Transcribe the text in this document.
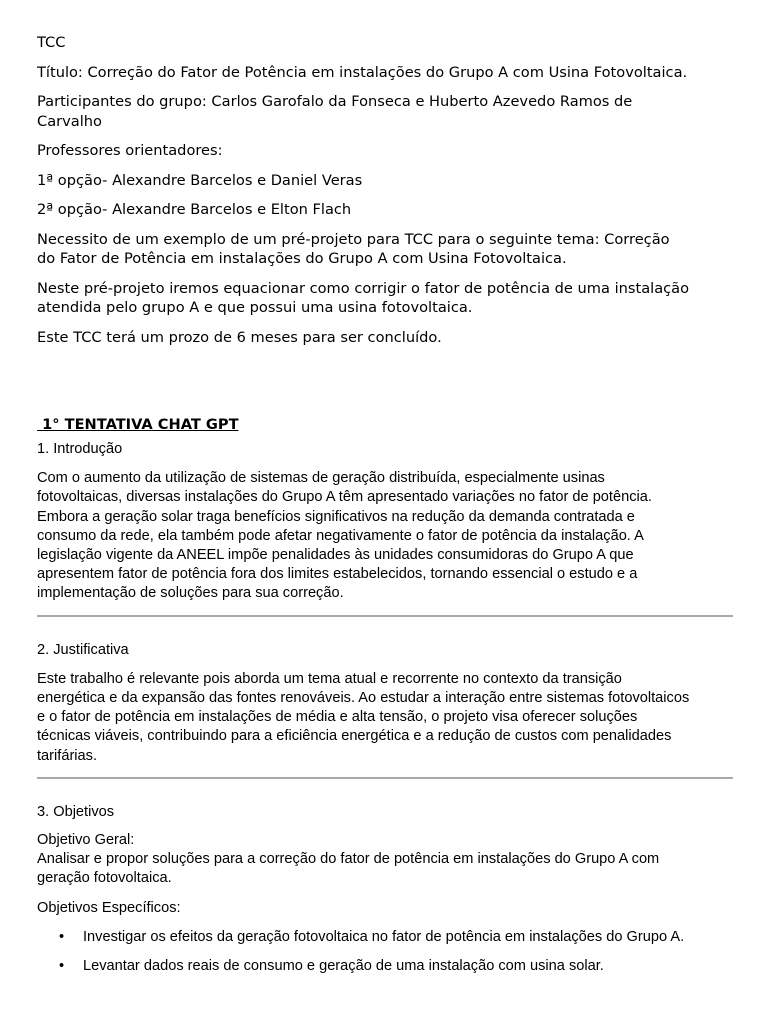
TCC

Título: Correção do Fator de Potência em instalações do Grupo A com Usina Fotovoltaica.

Participantes do grupo: Carlos Garofalo da Fonseca e Huberto Azevedo Ramos de
Carvalho

Professores orientadores:

1ª opção- Alexandre Barcelos e Daniel Veras

2ª opção- Alexandre Barcelos e Elton Flach

Necessito de um exemplo de um pré-projeto para TCC para o seguinte tema: Correção
do Fator de Potência em instalações do Grupo A com Usina Fotovoltaica.

Neste pré-projeto iremos equacionar como corrigir o fator de potência de uma instalação
atendida pelo grupo A e que possui uma usina fotovoltaica.

Este TCC terá um prozo de 6 meses para ser concluído.

1° TENTATIVA CHAT GPT

1. Introdução

Com o aumento da utilização de sistemas de geração distribuída, especialmente usinas
fotovoltaicas, diversas instalações do Grupo A têm apresentado variações no fator de potência.
Embora a geração solar traga benefícios significativos na redução da demanda contratada e
consumo da rede, ela também pode afetar negativamente o fator de potência da instalação. A
legislação vigente da ANEEL impõe penalidades às unidades consumidoras do Grupo A que
apresentem fator de potência fora dos limites estabelecidos, tornando essencial o estudo e a
implementação de soluções para sua correção.

2. Justificativa

Este trabalho é relevante pois aborda um tema atual e recorrente no contexto da transição
energética e da expansão das fontes renováveis. Ao estudar a interação entre sistemas fotovoltaicos
e o fator de potência em instalações de média e alta tensão, o projeto visa oferecer soluções
técnicas viáveis, contribuindo para a eficiência energética e a redução de custos com penalidades
tarifárias.

3. Objetivos

Objetivo Geral:
Analisar e propor soluções para a correção do fator de potência em instalações do Grupo A com
geração fotovoltaica.

Objetivos Específicos:

• Investigar os efeitos da geração fotovoltaica no fator de potência em instalações do Grupo A.
• Levantar dados reais de consumo e geração de uma instalação com usina solar.
